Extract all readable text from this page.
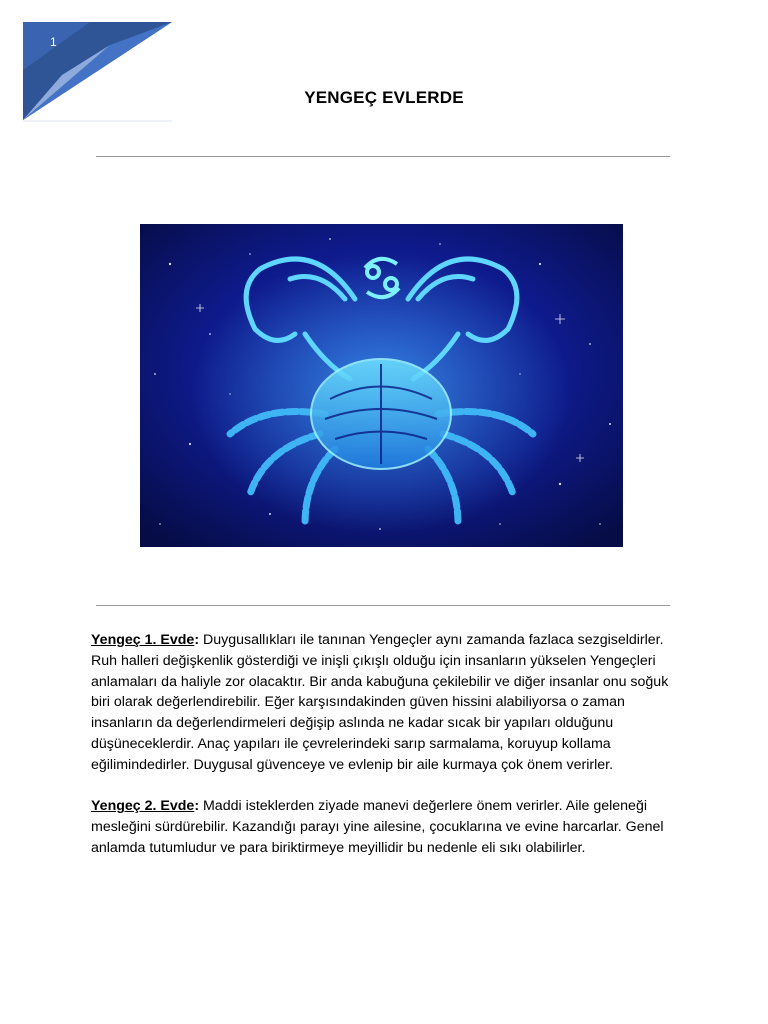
1
YENGEÇ EVLERDE

Yengeç 1. Evde: Duygusallıkları ile tanınan Yengeçler aynı zamanda fazlaca sezgiseldirler. Ruh halleri değişkenlik gösterdiği ve inişli çıkışlı olduğu için insanların yükselen Yengeçleri anlamaları da haliyle zor olacaktır. Bir anda kabuğuna çekilebilir ve diğer insanlar onu soğuk biri olarak değerlendirebilir. Eğer karşısındakinden güven hissini alabiliyorsa o zaman insanların da değerlendirmeleri değişip aslında ne kadar sıcak bir yapıları olduğunu düşüneceklerdir. Anaç yapıları ile çevrelerindeki sarıp sarmalama, koruyup kollama eğilimindedirler. Duygusal güvenceye ve evlenip bir aile kurmaya çok önem verirler.

Yengeç 2. Evde: Maddi isteklerden ziyade manevi değerlere önem verirler. Aile geleneği mesleğini sürdürebilir. Kazandığı parayı yine ailesine, çocuklarına ve evine harcarlar. Genel anlamda tutumludur ve para biriktirmeye meyillidir bu nedenle eli sıkı olabilirler.
